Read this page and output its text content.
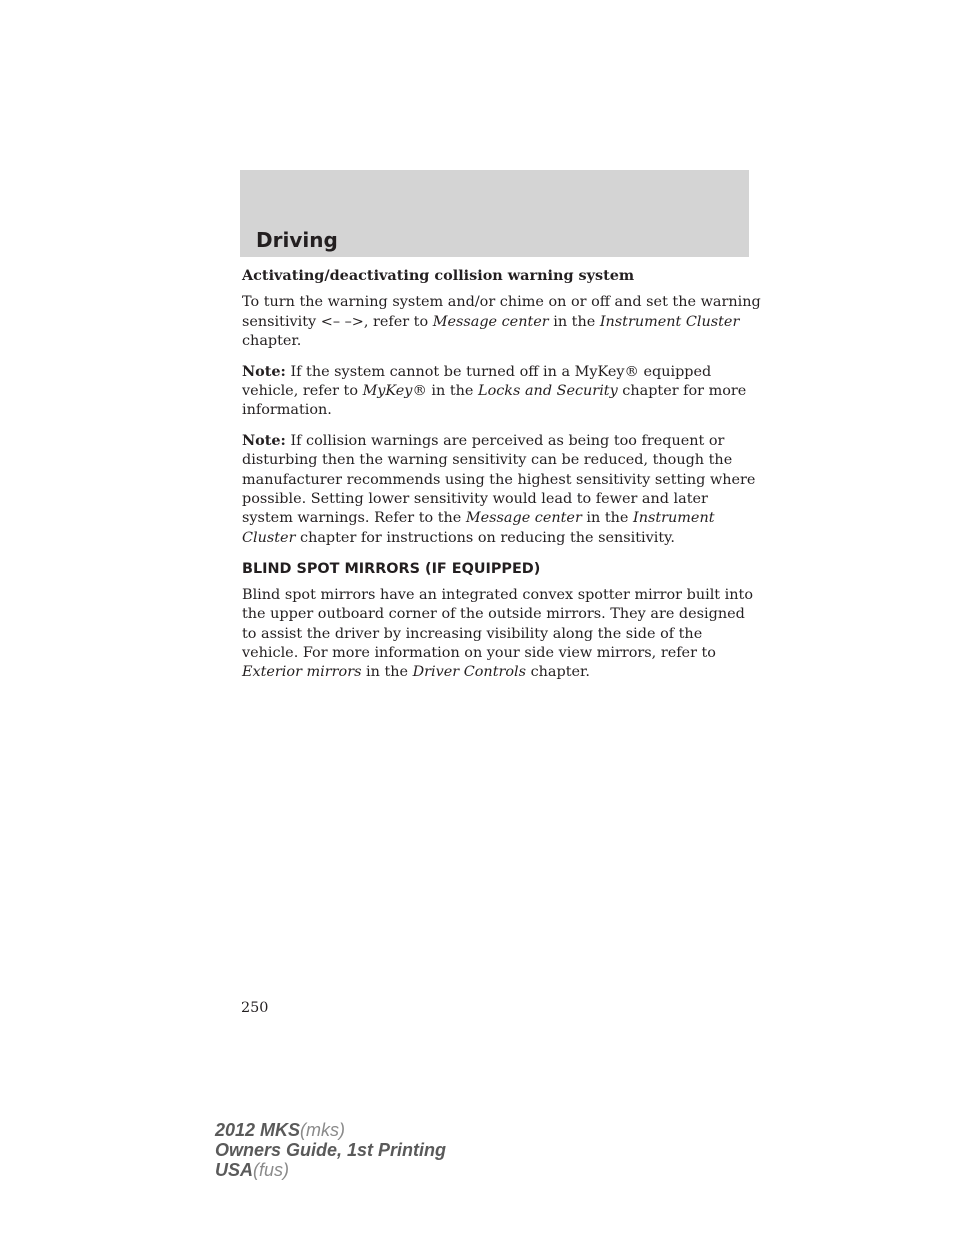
Driving

Activating/deactivating collision warning system

To turn the warning system and/or chime on or off and set the warning sensitivity <– –>, refer to Message center in the Instrument Cluster chapter.

Note: If the system cannot be turned off in a MyKey® equipped vehicle, refer to MyKey® in the Locks and Security chapter for more information.

Note: If collision warnings are perceived as being too frequent or disturbing then the warning sensitivity can be reduced, though the manufacturer recommends using the highest sensitivity setting where possible. Setting lower sensitivity would lead to fewer and later system warnings. Refer to the Message center in the Instrument Cluster chapter for instructions on reducing the sensitivity.

BLIND SPOT MIRRORS (IF EQUIPPED)

Blind spot mirrors have an integrated convex spotter mirror built into the upper outboard corner of the outside mirrors. They are designed to assist the driver by increasing visibility along the side of the vehicle. For more information on your side view mirrors, refer to Exterior mirrors in the Driver Controls chapter.

250
2012 MKS(mks)
Owners Guide, 1st Printing
USA(fus)
